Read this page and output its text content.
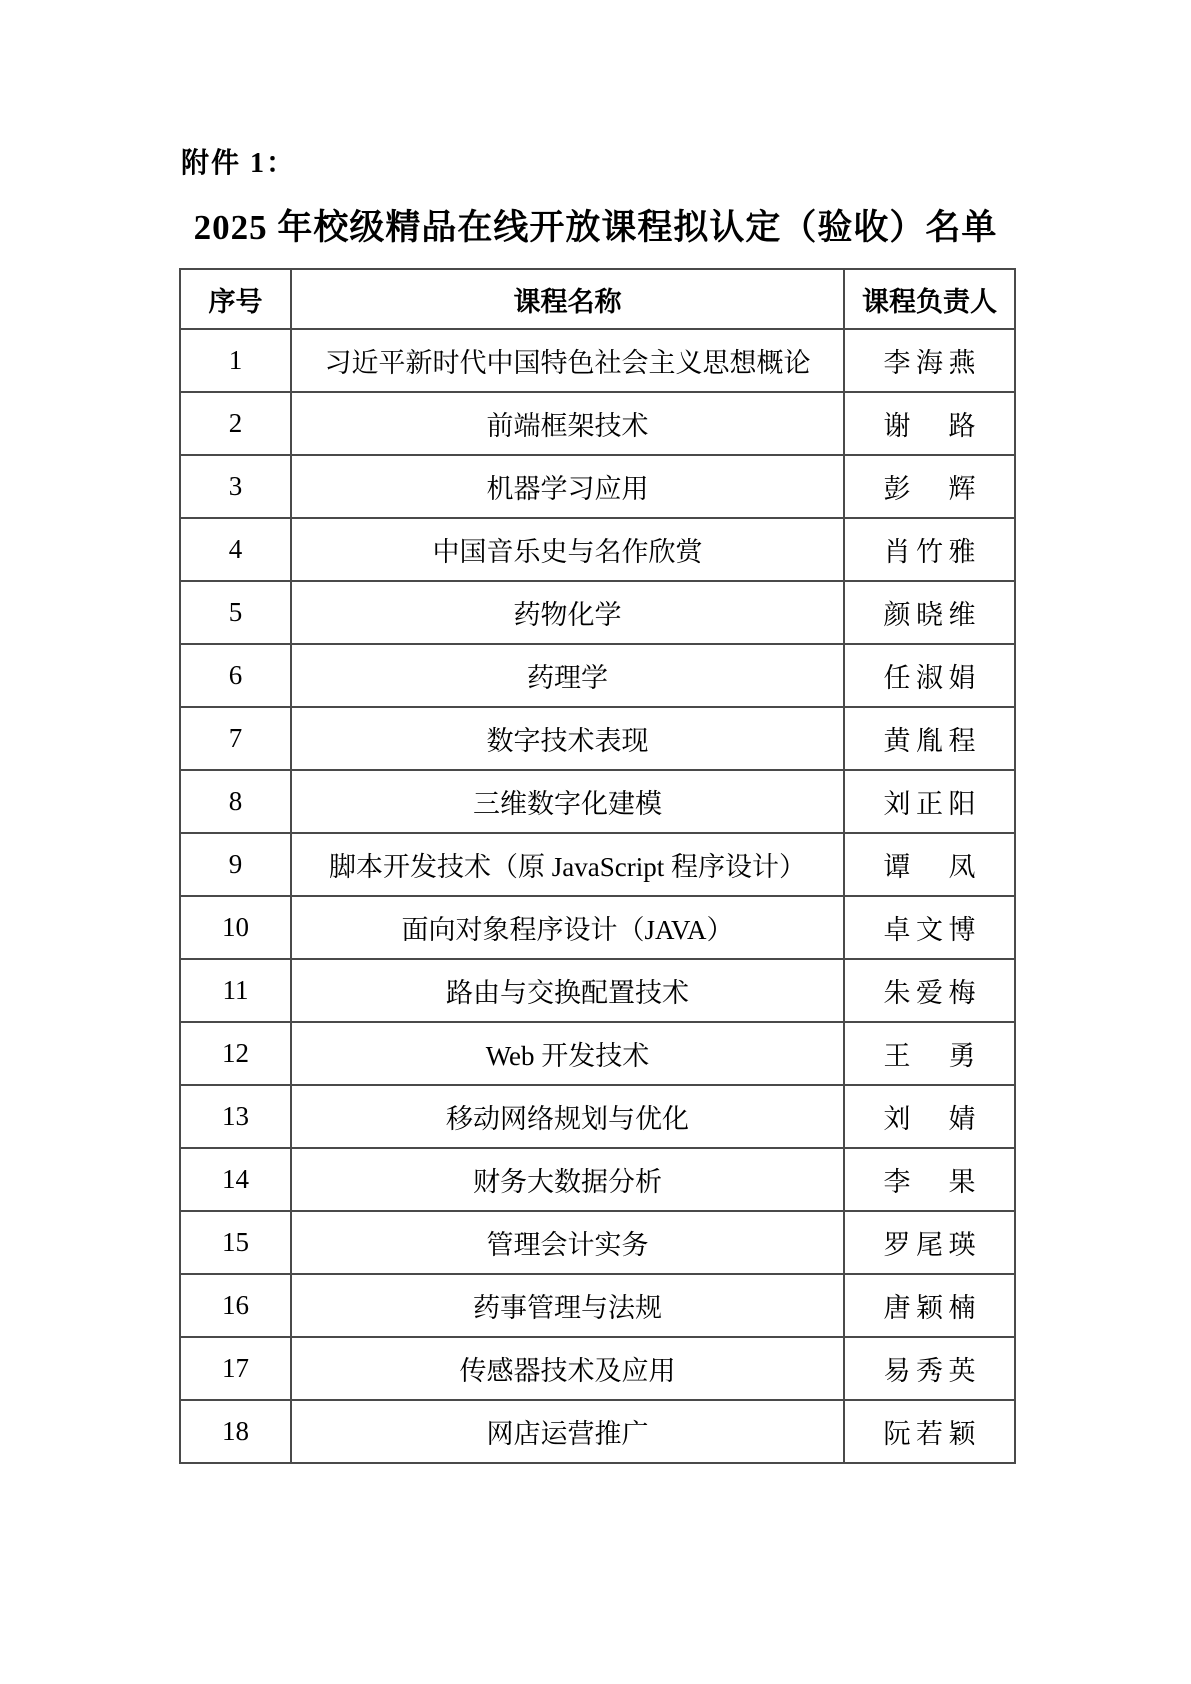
附件 1：
2025 年校级精品在线开放课程拟认定（验收）名单
序号	课程名称	课程负责人
1	习近平新时代中国特色社会主义思想概论	李海燕
2	前端框架技术	谢　路
3	机器学习应用	彭　辉
4	中国音乐史与名作欣赏	肖竹雅
5	药物化学	颜晓维
6	药理学	任淑娟
7	数字技术表现	黄胤程
8	三维数字化建模	刘正阳
9	脚本开发技术（原 JavaScript 程序设计）	谭　凤
10	面向对象程序设计（JAVA）	卓文博
11	路由与交换配置技术	朱爱梅
12	Web 开发技术	王　勇
13	移动网络规划与优化	刘　婧
14	财务大数据分析	李　果
15	管理会计实务	罗尾瑛
16	药事管理与法规	唐颖楠
17	传感器技术及应用	易秀英
18	网店运营推广	阮若颖
